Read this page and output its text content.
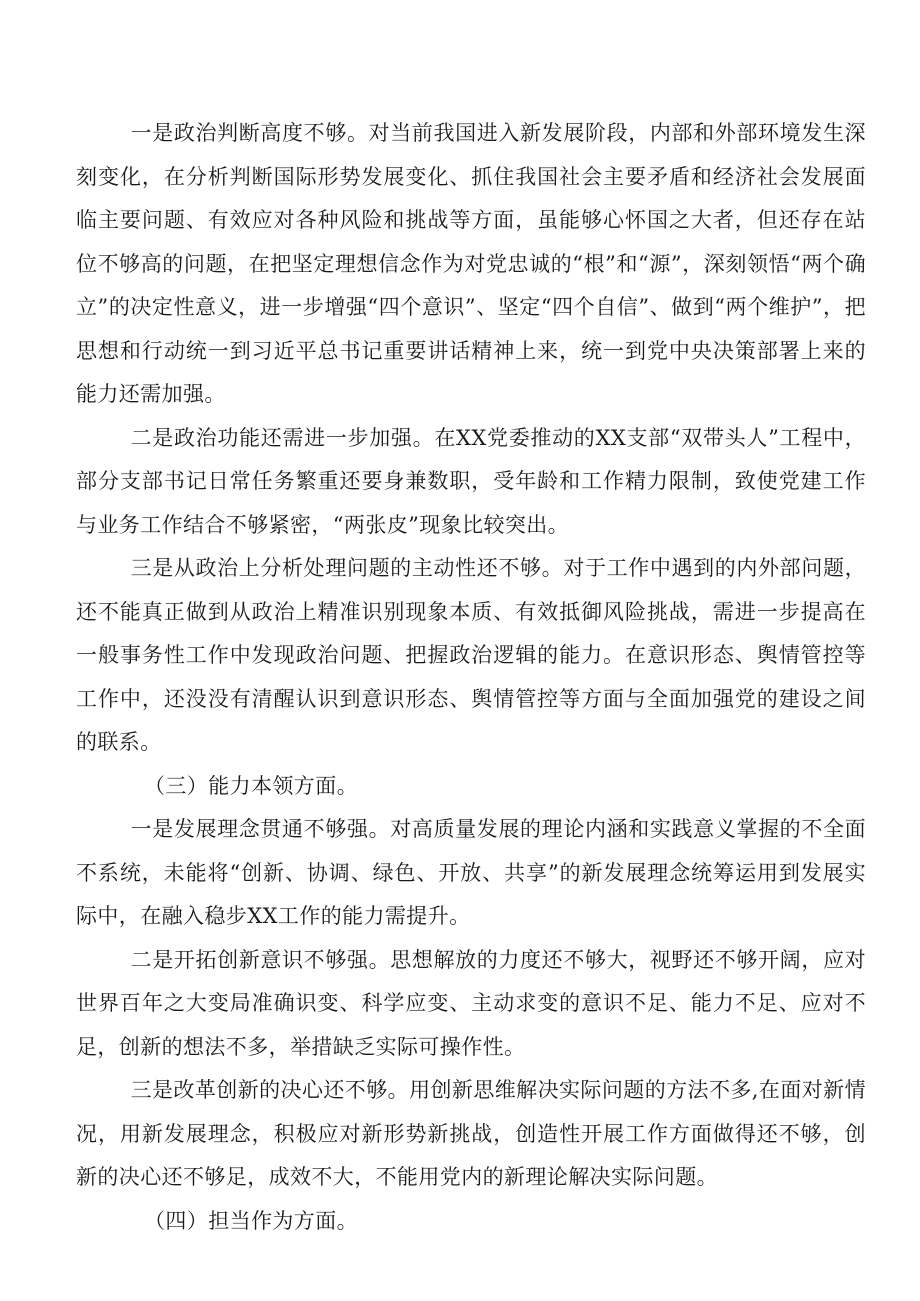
一是政治判断高度不够。对当前我国进入新发展阶段，内部和外部环境发生深刻变化，在分析判断国际形势发展变化、抓住我国社会主要矛盾和经济社会发展面临主要问题、有效应对各种风险和挑战等方面，虽能够心怀国之大者，但还存在站位不够高的问题，在把坚定理想信念作为对党忠诚的“根”和“源”，深刻领悟“两个确立”的决定性意义，进一步增强“四个意识”、坚定“四个自信”、做到“两个维护”，把思想和行动统一到习近平总书记重要讲话精神上来，统一到党中央决策部署上来的能力还需加强。

二是政治功能还需进一步加强。在XX党委推动的XX支部“双带头人”工程中，部分支部书记日常任务繁重还要身兼数职，受年龄和工作精力限制，致使党建工作与业务工作结合不够紧密，“两张皮”现象比较突出。

三是从政治上分析处理问题的主动性还不够。对于工作中遇到的内外部问题，还不能真正做到从政治上精准识别现象本质、有效抵御风险挑战，需进一步提高在一般事务性工作中发现政治问题、把握政治逻辑的能力。在意识形态、舆情管控等工作中，还没没有清醒认识到意识形态、舆情管控等方面与全面加强党的建设之间的联系。

（三）能力本领方面。

一是发展理念贯通不够强。对高质量发展的理论内涵和实践意义掌握的不全面不系统，未能将“创新、协调、绿色、开放、共享”的新发展理念统筹运用到发展实际中，在融入稳步XX工作的能力需提升。

二是开拓创新意识不够强。思想解放的力度还不够大，视野还不够开阔，应对世界百年之大变局准确识变、科学应变、主动求变的意识不足、能力不足、应对不足，创新的想法不多，举措缺乏实际可操作性。

三是改革创新的决心还不够。用创新思维解决实际问题的方法不多,在面对新情况，用新发展理念，积极应对新形势新挑战，创造性开展工作方面做得还不够，创新的决心还不够足，成效不大，不能用党内的新理论解决实际问题。

（四）担当作为方面。
